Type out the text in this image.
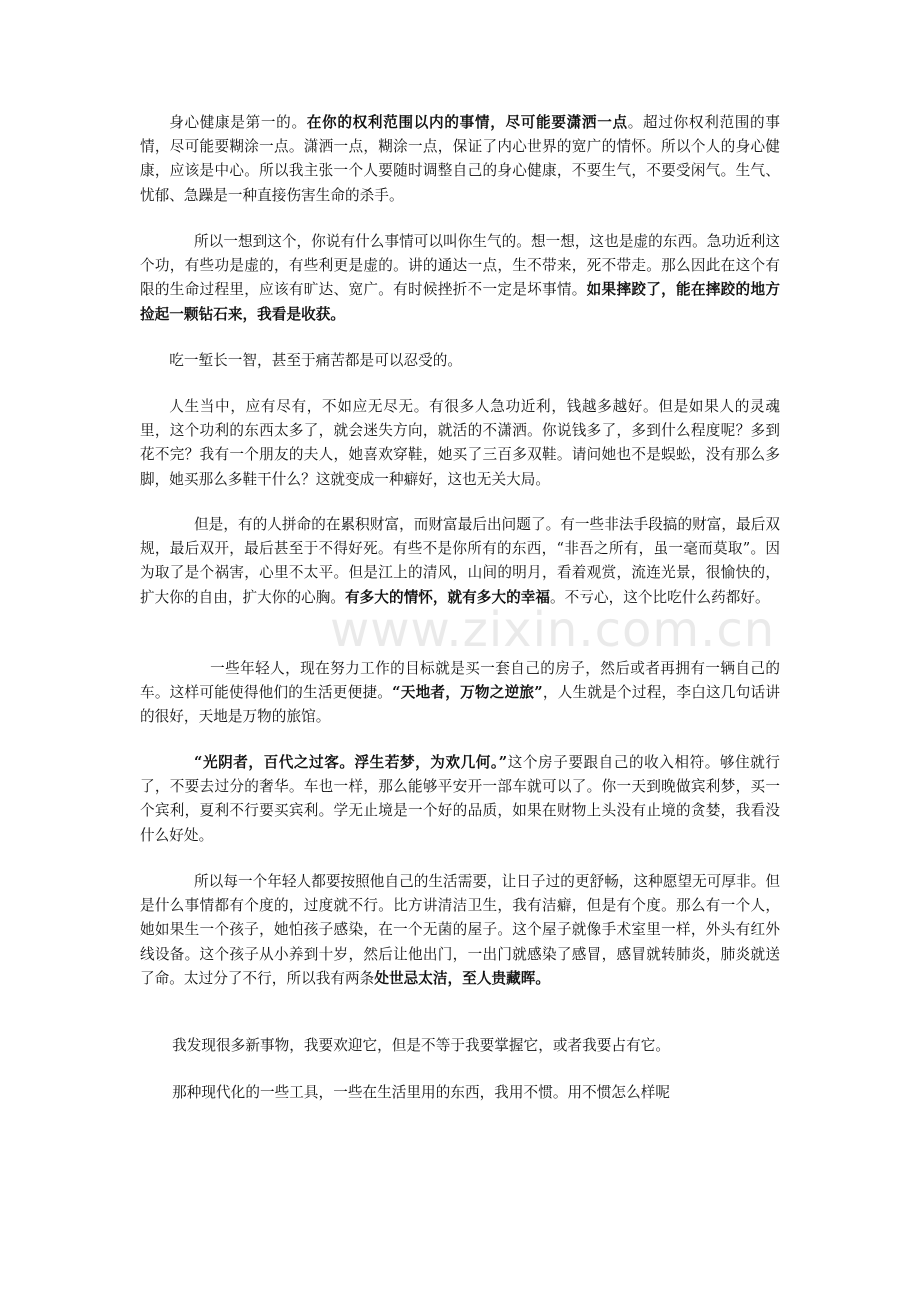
身心健康是第一的。在你的权利范围以内的事情，尽可能要潇洒一点。超过你权利范围的事情，尽可能要糊涂一点。潇洒一点，糊涂一点，保证了内心世界的宽广的情怀。所以个人的身心健康，应该是中心。所以我主张一个人要随时调整自己的身心健康，不要生气，不要受闲气。生气、忧郁、急躁是一种直接伤害生命的杀手。

所以一想到这个，你说有什么事情可以叫你生气的。想一想，这也是虚的东西。急功近利这个功，有些功是虚的，有些利更是虚的。讲的通达一点，生不带来，死不带走。那么因此在这个有限的生命过程里，应该有旷达、宽广。有时候挫折不一定是坏事情。如果摔跤了，能在摔跤的地方捡起一颗钻石来，我看是收获。

吃一堑长一智，甚至于痛苦都是可以忍受的。

人生当中，应有尽有，不如应无尽无。有很多人急功近利，钱越多越好。但是如果人的灵魂里，这个功利的东西太多了，就会迷失方向，就活的不潇洒。你说钱多了，多到什么程度呢？多到花不完？我有一个朋友的夫人，她喜欢穿鞋，她买了三百多双鞋。请问她也不是蜈蚣，没有那么多脚，她买那么多鞋干什么？这就变成一种癖好，这也无关大局。

但是，有的人拼命的在累积财富，而财富最后出问题了。有一些非法手段搞的财富，最后双规，最后双开，最后甚至于不得好死。有些不是你所有的东西，“非吾之所有，虽一毫而莫取”。因为取了是个祸害，心里不太平。但是江上的清风，山间的明月，看着观赏，流连光景，很愉快的，扩大你的自由，扩大你的心胸。有多大的情怀，就有多大的幸福。不亏心，这个比吃什么药都好。

一些年轻人，现在努力工作的目标就是买一套自己的房子，然后或者再拥有一辆自己的车。这样可能使得他们的生活更便捷。“天地者，万物之逆旅”，人生就是个过程，李白这几句话讲的很好，天地是万物的旅馆。

“光阴者，百代之过客。浮生若梦，为欢几何。”这个房子要跟自己的收入相符。够住就行了，不要去过分的奢华。车也一样，那么能够平安开一部车就可以了。你一天到晚做宾利梦，买一个宾利，夏利不行要买宾利。学无止境是一个好的品质，如果在财物上头没有止境的贪婪，我看没什么好处。

所以每一个年轻人都要按照他自己的生活需要，让日子过的更舒畅，这种愿望无可厚非。但是什么事情都有个度的，过度就不行。比方讲清洁卫生，我有洁癖，但是有个度。那么有一个人，她如果生一个孩子，她怕孩子感染，在一个无菌的屋子。这个屋子就像手术室里一样，外头有红外线设备。这个孩子从小养到十岁，然后让他出门，一出门就感染了感冒，感冒就转肺炎，肺炎就送了命。太过分了不行，所以我有两条处世忌太洁，至人贵藏晖。

我发现很多新事物，我要欢迎它，但是不等于我要掌握它，或者我要占有它。

那种现代化的一些工具，一些在生活里用的东西，我用不惯。用不惯怎么样呢

www.zixin.com.cn
